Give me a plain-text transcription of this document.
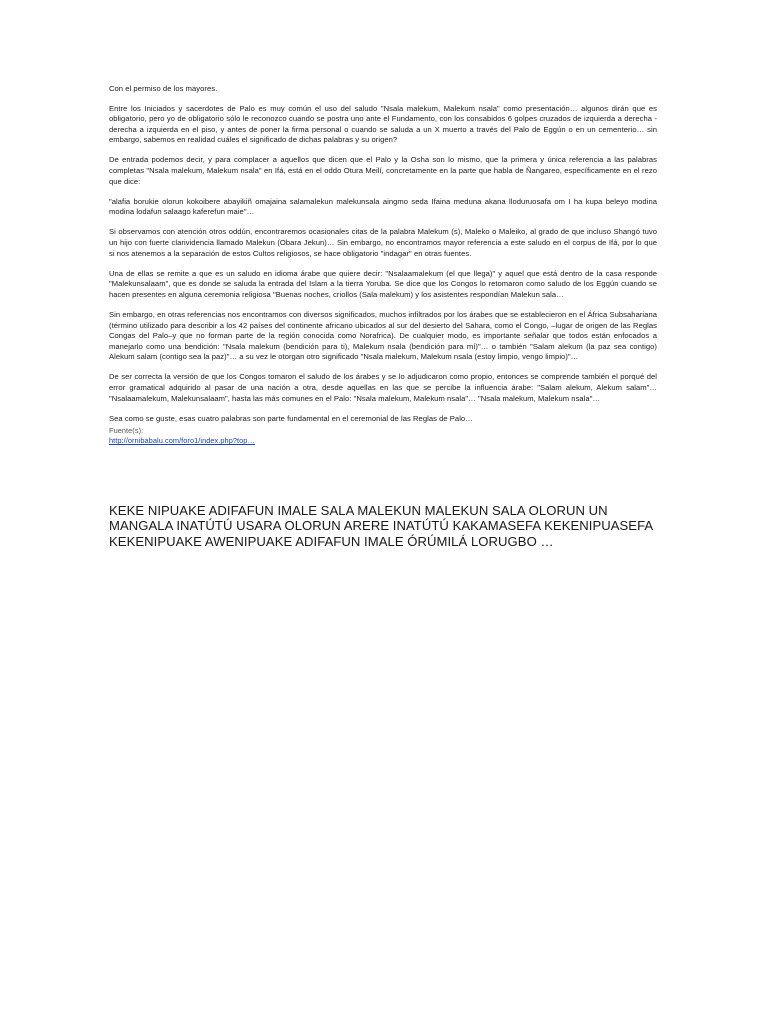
Con el permiso de los mayores.

Entre los Iniciados y sacerdotes de Palo es muy común el uso del saludo "Nsala malekum, Malekum nsala" como presentación… algunos dirán que es obligatorio, pero yo de obligatorio sólo le reconozco cuando se postra uno ante el Fundamento, con los consabidos 6 golpes cruzados de izquierda a derecha - derecha a izquierda en el piso, y antes de poner la firma personal o cuando se saluda a un X muerto a través del Palo de Eggún o en un cementerio… sin embargo, sabemos en realidad cuáles el significado de dichas palabras y su origen?

De entrada podemos decir, y para complacer a aquellos que dicen que el Palo y la Osha son lo mismo, que la primera y única referencia a las palabras completas "Nsala malekum, Malekum nsala" en Ifá, está en el oddo Otura Meilí, concretamente en la parte que habla de Ñangareo, específicamente en el rezo que dice:

"alafia borukie olorun kokoibere abayikiñ omajaina salamalekun malekunsala aingmo seda Ifaina meduna akana lloduruosafa om I ha kupa beleyo modina modina lodafun salaago kaferefun maie"…

Si observamos con atención otros oddún, encontraremos ocasionales citas de la palabra Malekum (s), Maleko o Maleiko, al grado de que incluso Shangó tuvo un hijo con fuerte clarividencia llamado Malekun (Obara Jekun)… Sin embargo, no encontramos mayor referencia a este saludo en el corpus de Ifá, por lo que si nos atenemos a la separación de estos Cultos religiosos, se hace obligatorio "indagar" en otras fuentes.

Una de ellas se remite a que es un saludo en idioma árabe que quiere decir: "Nsalaamalekum (el que llega)" y aquel que está dentro de la casa responde "Malekunsalaam", que es donde se saluda la entrada del Islam a la tierra Yoruba. Se dice que los Congos lo retomaron como saludo de los Eggún cuando se hacen presentes en alguna ceremonia religiosa "Buenas noches, criollos (Sala malekum) y los asistentes respondían Malekun sala…

Sin embargo, en otras referencias nos encontramos con diversos significados, muchos infiltrados por los árabes que se establecieron en el África Subsahariana (término utilizado para describir a los 42 países del continente africano ubicados al sur del desierto del Sahara, como el Congo, –lugar de origen de las Reglas Congas del Palo–y que no forman parte de la región conocida como Norafrica). De cualquier modo, es importante señalar que todos están enfocados a manejarlo como una bendición: "Nsala malekum (bendición para ti), Malekum nsala (bendición para mí)"… o también "Salam alekum (la paz sea contigo) Alekum salam (contigo sea la paz)"… a su vez le otorgan otro significado "Nsala malekum, Malekum nsala (estoy limpio, vengo limpio)"…

De ser correcta la versión de que los Congos tomaron el saludo de los árabes y se lo adjudicaron como propio, entonces se comprende también el porqué del error gramatical adquirido al pasar de una nación a otra, desde aquellas en las que se percibe la influencia árabe: "Salam alekum, Alekum salam"… "Nsalaamalekum, Malekunsalaam", hasta las más comunes en el Palo: "Nsala malekum, Malekum nsala"… "Nsala malekum, Malekum nsala"…

Sea como se guste, esas cuatro palabras son parte fundamental en el ceremonial de las Reglas de Palo…

Fuente(s):
http://ornibabalu.com/foro1/index.php?top…
KEKE NIPUAKE ADIFAFUN IMALE SALA MALEKUN MALEKUN SALA OLORUN UN MANGALA INATÚTÚ USARA OLORUN ARERE INATÚTÚ KAKAMASEFA KEKENIPUASEFA KEKENIPUAKE AWENIPUAKE ADIFAFUN IMALE ÓRÚMILÁ LORUGBO …
